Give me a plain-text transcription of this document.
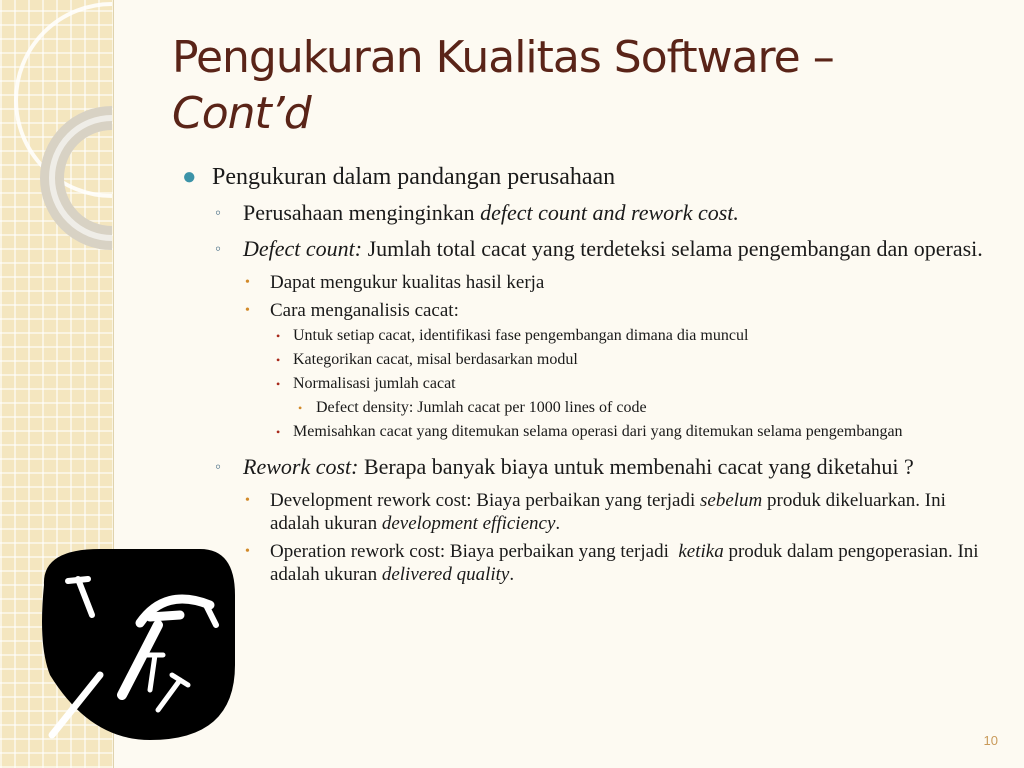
Pengukuran Kualitas Software –
Cont’d
● Pengukuran dalam pandangan perusahaan
◦ Perusahaan menginginkan defect count and rework cost.
◦ Defect count: Jumlah total cacat yang terdeteksi selama pengembangan dan operasi.
• Dapat mengukur kualitas hasil kerja
• Cara menganalisis cacat:
• Untuk setiap cacat, identifikasi fase pengembangan dimana dia muncul
• Kategorikan cacat, misal berdasarkan modul
• Normalisasi jumlah cacat
• Defect density: Jumlah cacat per 1000 lines of code
• Memisahkan cacat yang ditemukan selama operasi dari yang ditemukan selama pengembangan
◦ Rework cost: Berapa banyak biaya untuk membenahi cacat yang diketahui ?
• Development rework cost: Biaya perbaikan yang terjadi sebelum produk dikeluarkan. Ini adalah ukuran development efficiency.
• Operation rework cost: Biaya perbaikan yang terjadi  ketika produk dalam pengoperasian. Ini adalah ukuran delivered quality.
10
